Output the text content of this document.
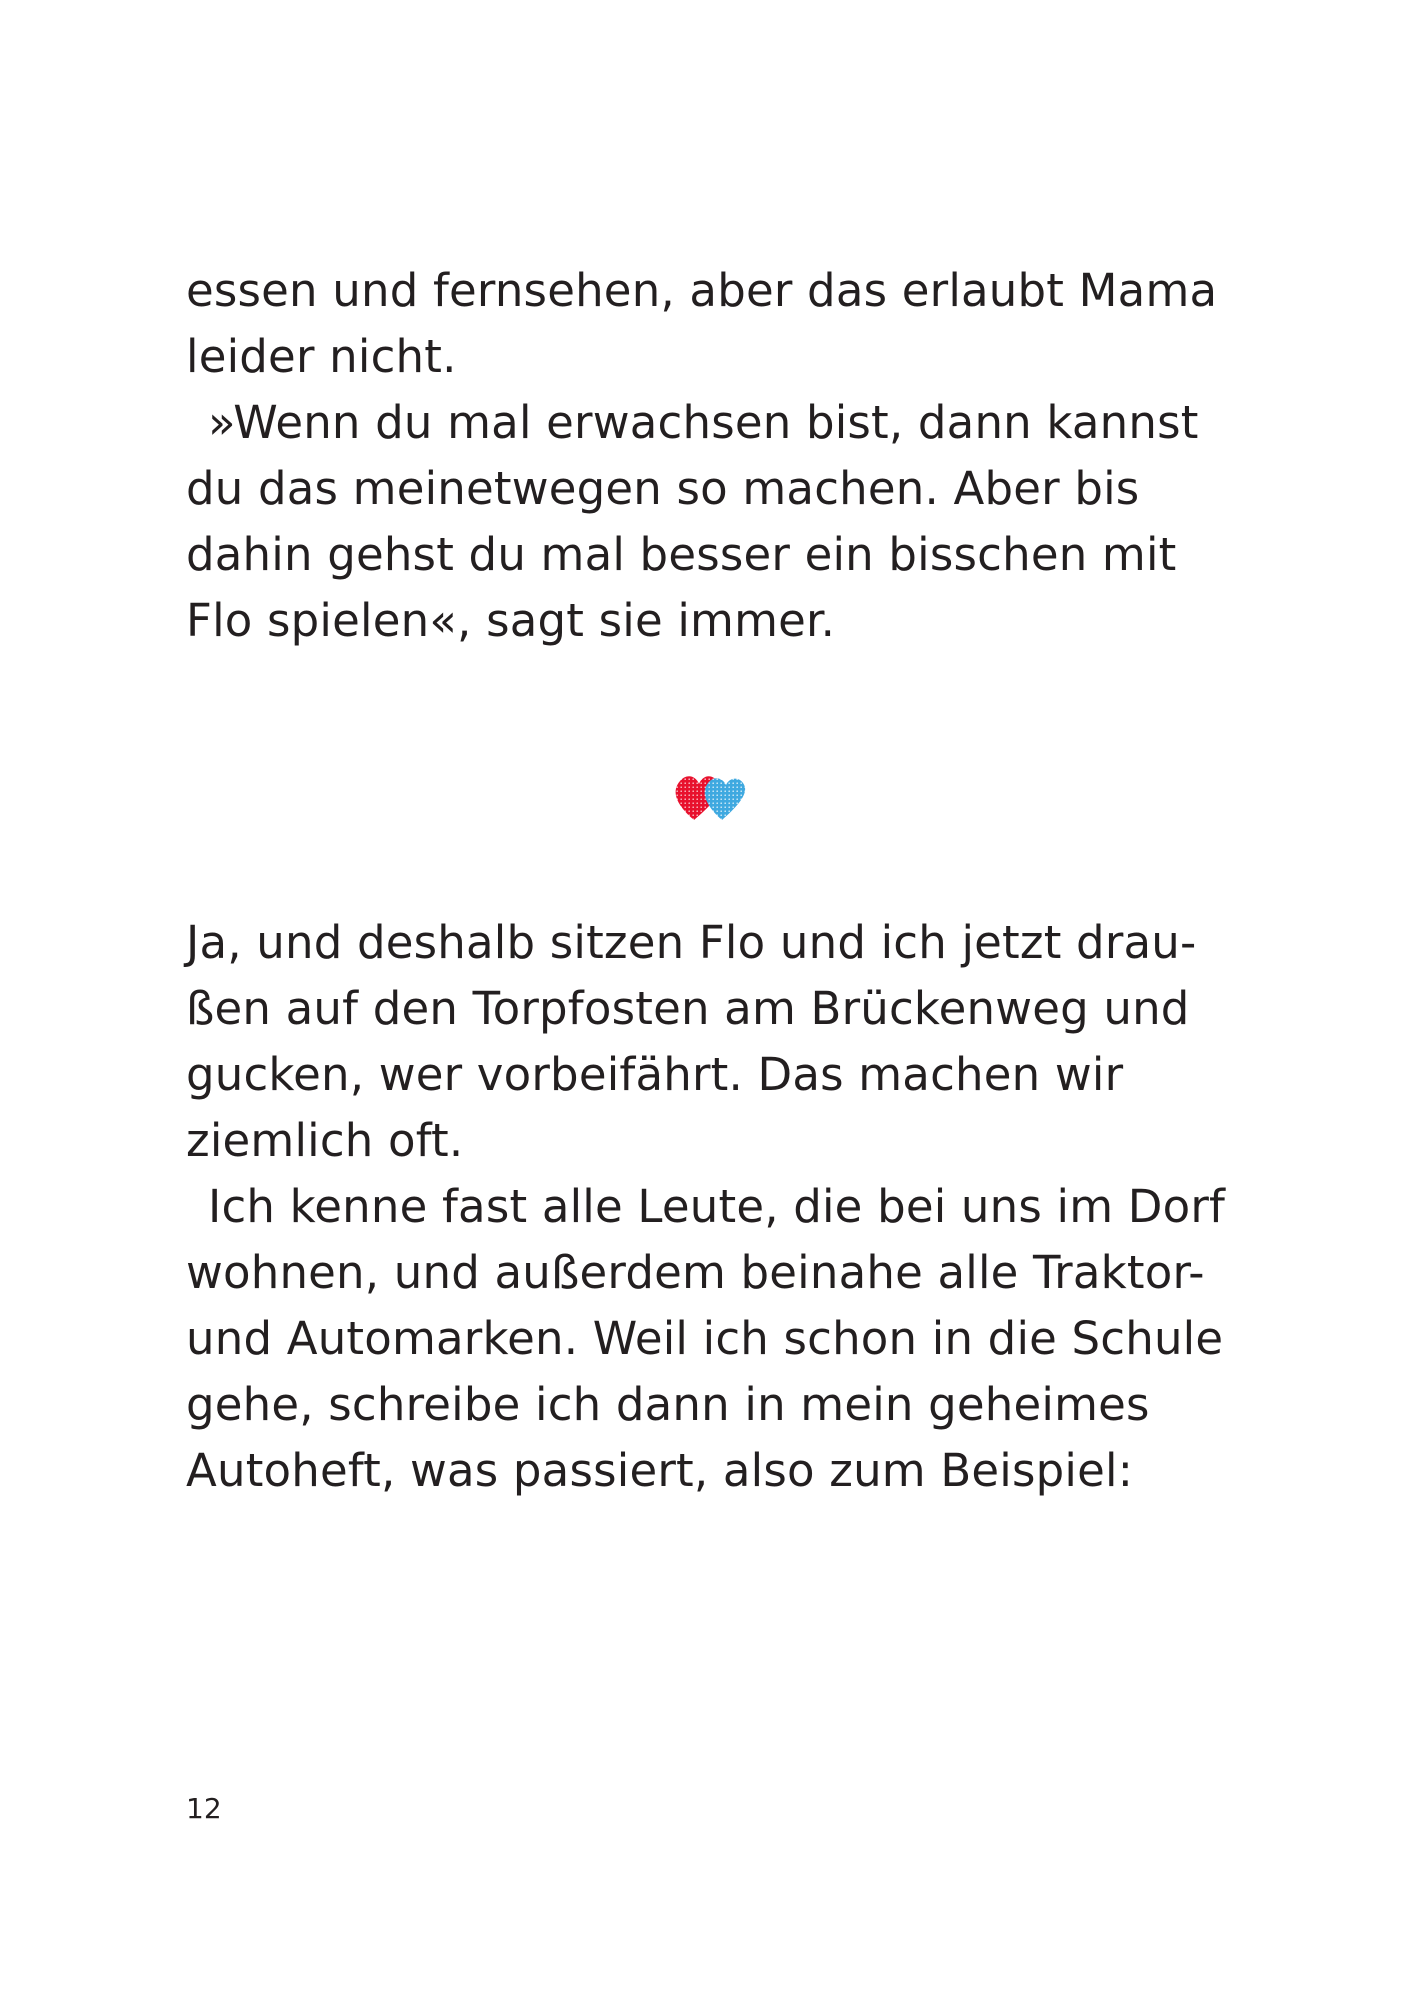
essen und fernsehen, aber das erlaubt Mama leider nicht.

»Wenn du mal erwachsen bist, dann kannst du das meinetwegen so machen. Aber bis dahin gehst du mal besser ein bisschen mit Flo spielen«, sagt sie immer.

Ja, und deshalb sitzen Flo und ich jetzt drau-ßen auf den Torpfosten am Brückenweg und gucken, wer vorbeifährt. Das machen wir ziemlich oft.

Ich kenne fast alle Leute, die bei uns im Dorf wohnen, und außerdem beinahe alle Traktor- und Automarken. Weil ich schon in die Schule gehe, schreibe ich dann in mein geheimes Autoheft, was passiert, also zum Beispiel:

12
